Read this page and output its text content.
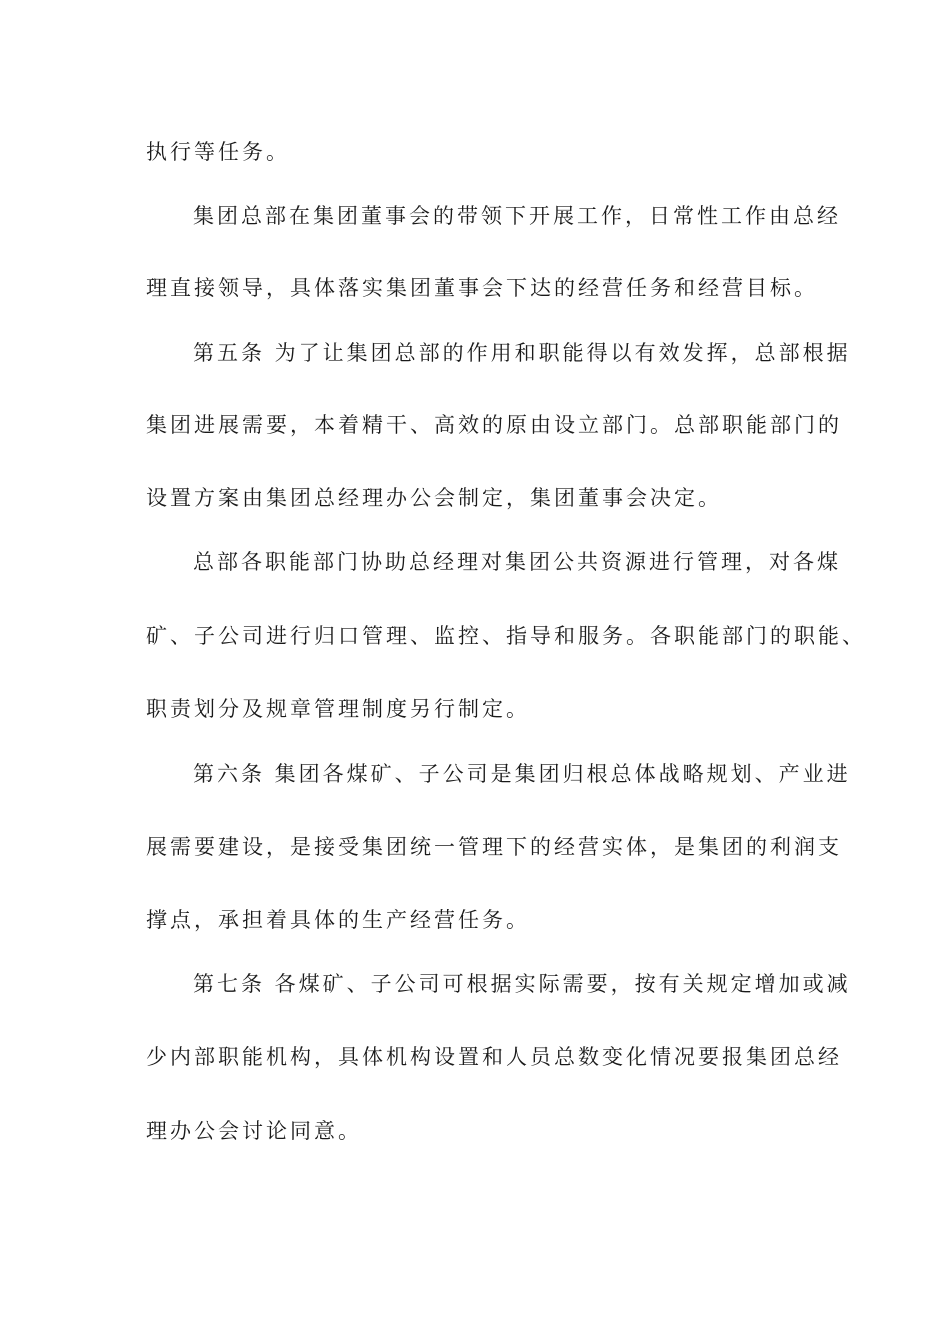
执行等任务。
集团总部在集团董事会的带领下开展工作，日常性工作由总经
理直接领导，具体落实集团董事会下达的经营任务和经营目标。
第五条 为了让集团总部的作用和职能得以有效发挥，总部根据
集团进展需要，本着精干、高效的原由设立部门。总部职能部门的
设置方案由集团总经理办公会制定，集团董事会决定。
总部各职能部门协助总经理对集团公共资源进行管理，对各煤
矿、子公司进行归口管理、监控、指导和服务。各职能部门的职能、
职责划分及规章管理制度另行制定。
第六条 集团各煤矿、子公司是集团归根总体战略规划、产业进
展需要建设，是接受集团统一管理下的经营实体，是集团的利润支
撑点，承担着具体的生产经营任务。
第七条 各煤矿、子公司可根据实际需要，按有关规定增加或减
少内部职能机构，具体机构设置和人员总数变化情况要报集团总经
理办公会讨论同意。
